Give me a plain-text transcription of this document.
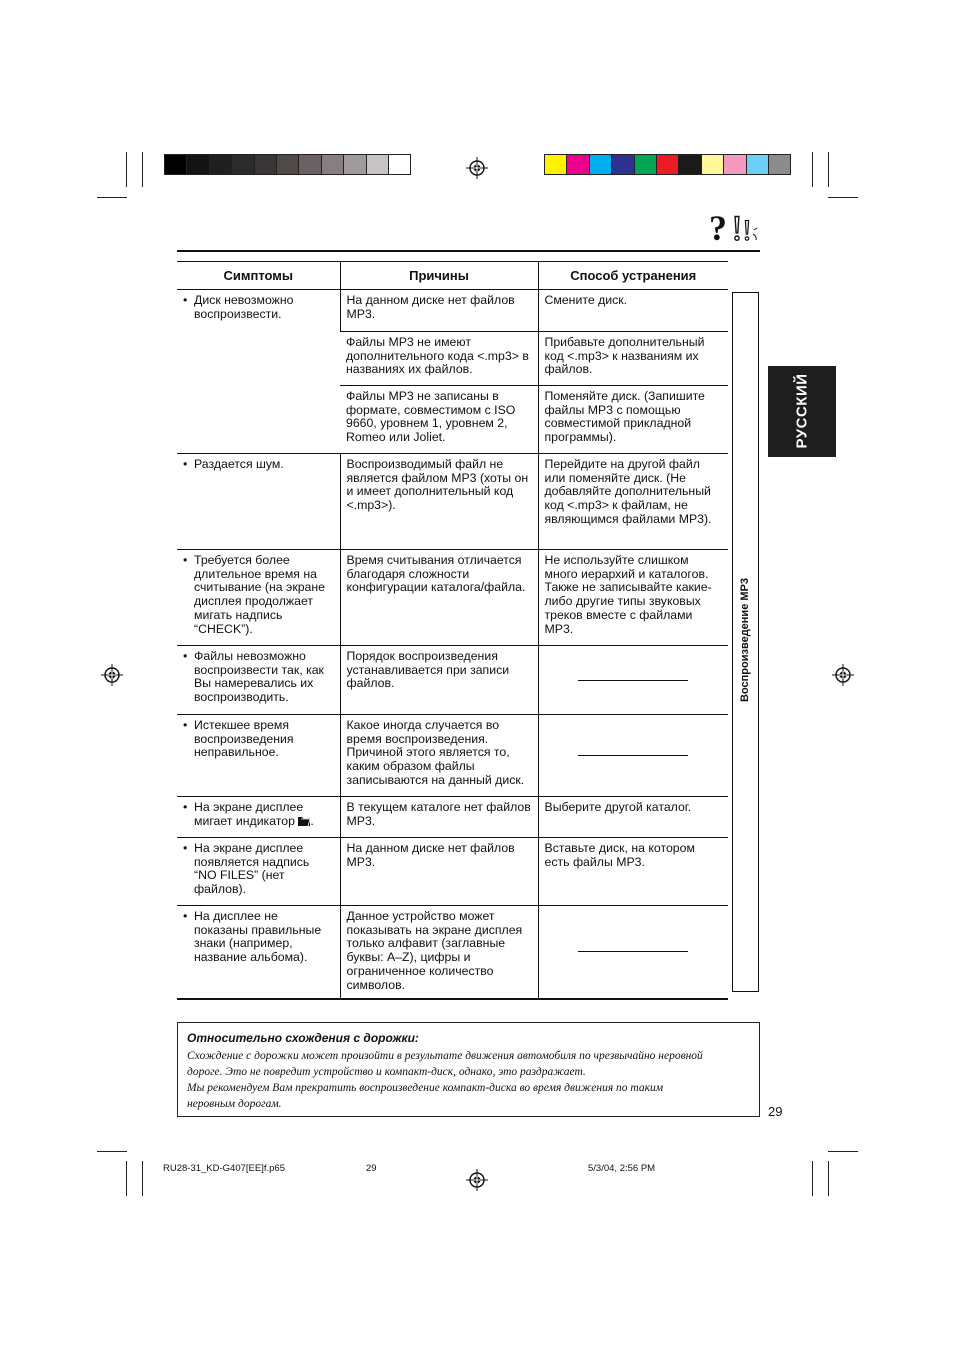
? ! !
Симптомы	Причины	Способ устранения

• Диск невозможно воспроизвести.	На данном диске нет файлов MP3.	Смените диск.
	Файлы MP3 не имеют дополнительного кода <.mp3> в названиях их файлов.	Прибавьте дополнительный код <.mp3> к названиям их файлов.
	Файлы MP3 не записаны в формате, совместимом с ISO 9660, уровнем 1, уровнем 2, Romeo или Joliet.	Поменяйте диск. (Запишите файлы MP3 с помощью совместимой прикладной программы).

• Раздается шум.	Воспроизводимый файл не является файлом MP3 (хоты он и имеет дополнительный код <.mp3>).	Перейдите на другой файл или поменяйте диск. (Не добавляйте дополнительный код <.mp3> к файлам, не являющимся файлами MP3).

• Требуется более длительное время на считывание (на экране дисплея продолжает мигать надпись “CHECK”).	Время считывания отличается благодаря сложности конфигурации каталога/файла.	Не используйте слишком много иерархий и каталогов. Также не записывайте какие-либо другие типы звуковых треков вместе с файлами MP3.

• Файлы невозможно воспроизвести так, как Вы намеревались их воспроизводить.	Порядок воспроизведения устанавливается при записи файлов.	

• Истекшее время воспроизведения неправильное.	Какое иногда случается во время воспроизведения. Причиной этого является то, каким образом файлы записываются на данный диск.	

• На экране дисплее мигает индикатор .	В текущем каталоге нет файлов MP3.	Выберите другой каталог.

• На экране дисплее появляется надпись “NO FILES” (нет файлов).	На данном диске нет файлов MP3.	Вставьте диск, на котором есть файлы MP3.

• На дисплее не показаны правильные знаки (например, название альбома).	Данное устройство может показывать на экране дисплея только алфавит (заглавные буквы: A–Z), цифры и ограниченное количество символов.	
Воспроизведение MP3
РУССКИЙ
Относительно схождения с дорожки:
Схождение с дорожки может произойти в результате движения автомобиля по чрезвычайно неровной
дороге. Это не повредит устройство и компакт-диск, однако, это раздражает.
Мы рекомендуем Вам прекратить воспроизведение компакт-диска во время движения по таким
неровным дорогам.	29
RU28-31_KD-G407[EE]f.p65	29	5/3/04, 2:56 PM
